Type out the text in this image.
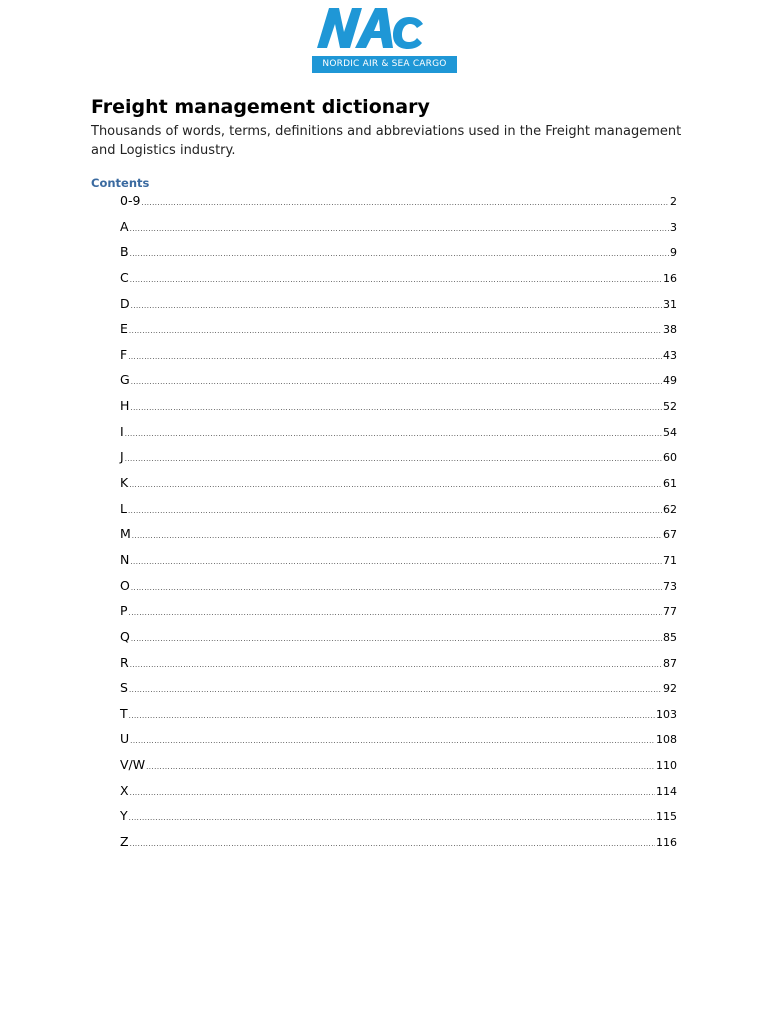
NORDIC AIR & SEA CARGO
Freight management dictionary

Thousands of words, terms, definitions and abbreviations used in the Freight management and Logistics industry.

Contents
0-9 .....	2
A .....	3
B .....	9
C .....	16
D .....	31
E .....	38
F .....	43
G .....	49
H .....	52
I .....	54
J .....	60
K .....	61
L .....	62
M .....	67
N .....	71
O .....	73
P .....	77
Q .....	85
R .....	87
S .....	92
T .....	103
U .....	108
V/W .....	110
X .....	114
Y .....	115
Z .....	116
